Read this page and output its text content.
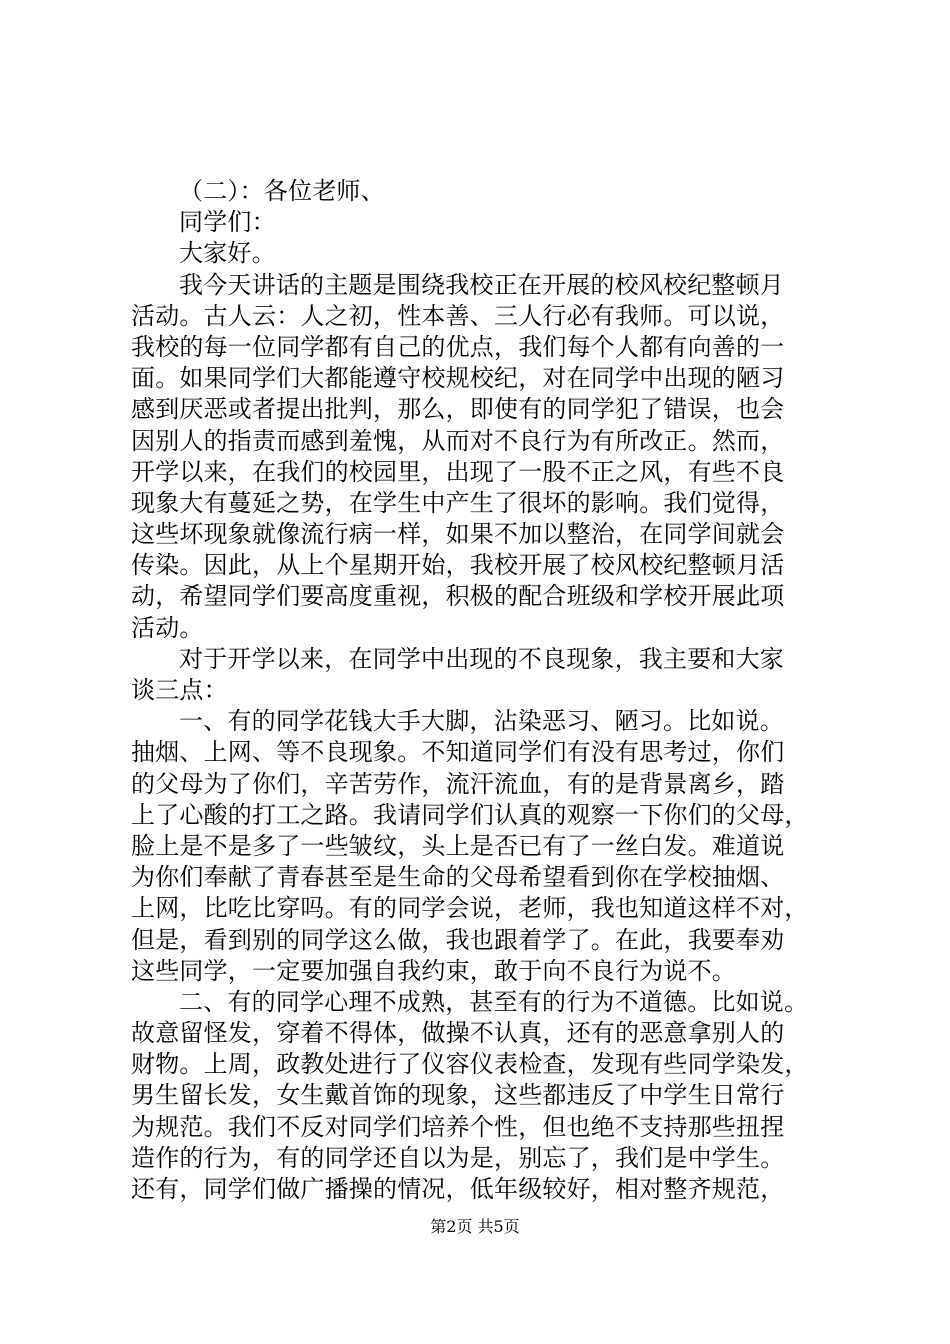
（二）：各位老师、
同学们：
大家好。
我今天讲话的主题是围绕我校正在开展的校风校纪整顿月
活动。古人云：人之初，性本善、三人行必有我师。可以说，
我校的每一位同学都有自己的优点，我们每个人都有向善的一
面。如果同学们大都能遵守校规校纪，对在同学中出现的陋习
感到厌恶或者提出批判，那么，即使有的同学犯了错误，也会
因别人的指责而感到羞愧，从而对不良行为有所改正。然而，
开学以来，在我们的校园里，出现了一股不正之风，有些不良
现象大有蔓延之势，在学生中产生了很坏的影响。我们觉得，
这些坏现象就像流行病一样，如果不加以整治，在同学间就会
传染。因此，从上个星期开始，我校开展了校风校纪整顿月活
动，希望同学们要高度重视，积极的配合班级和学校开展此项
活动。
对于开学以来，在同学中出现的不良现象，我主要和大家
谈三点：
一、有的同学花钱大手大脚，沾染恶习、陋习。比如说。
抽烟、上网、等不良现象。不知道同学们有没有思考过，你们
的父母为了你们，辛苦劳作，流汗流血，有的是背景离乡，踏
上了心酸的打工之路。我请同学们认真的观察一下你们的父母，
脸上是不是多了一些皱纹，头上是否已有了一丝白发。难道说
为你们奉献了青春甚至是生命的父母希望看到你在学校抽烟、
上网，比吃比穿吗。有的同学会说，老师，我也知道这样不对，
但是，看到别的同学这么做，我也跟着学了。在此，我要奉劝
这些同学，一定要加强自我约束，敢于向不良行为说不。
二、有的同学心理不成熟，甚至有的行为不道德。比如说。
故意留怪发，穿着不得体，做操不认真，还有的恶意拿别人的
财物。上周，政教处进行了仪容仪表检查，发现有些同学染发，
男生留长发，女生戴首饰的现象，这些都违反了中学生日常行
为规范。我们不反对同学们培养个性，但也绝不支持那些扭捏
造作的行为，有的同学还自以为是，别忘了，我们是中学生。
还有，同学们做广播操的情况，低年级较好，相对整齐规范，
第2页 共5页
